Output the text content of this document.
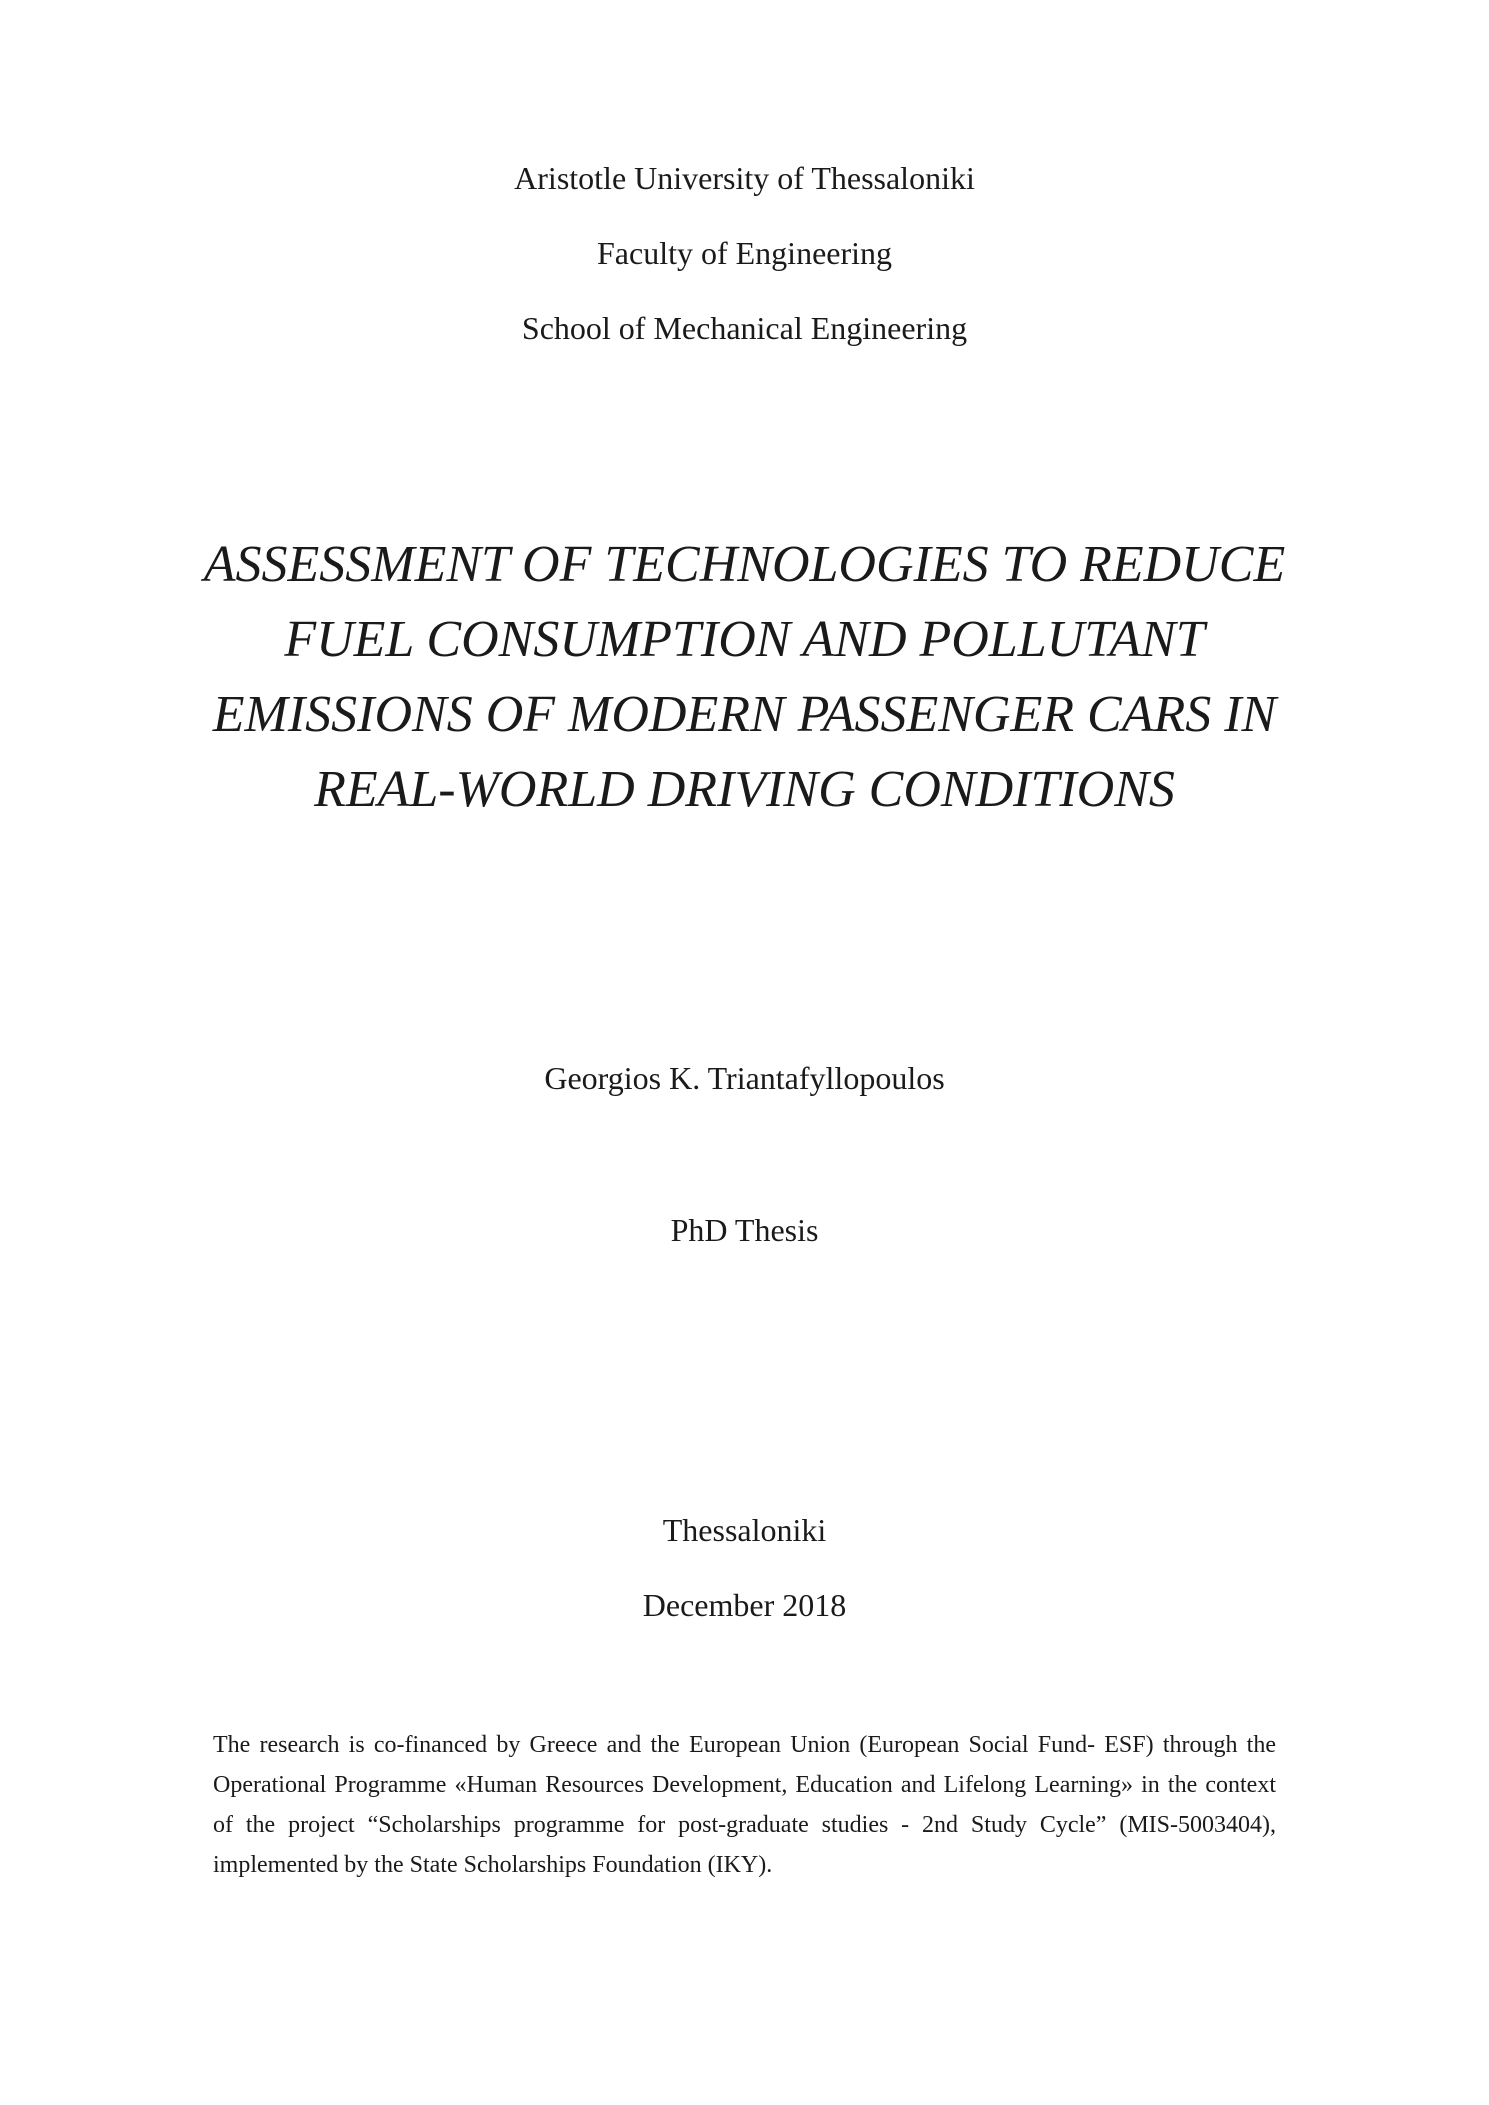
Aristotle University of Thessaloniki
Faculty of Engineering
School of Mechanical Engineering
ASSESSMENT OF TECHNOLOGIES TO REDUCE
FUEL CONSUMPTION AND POLLUTANT
EMISSIONS OF MODERN PASSENGER CARS IN
REAL-WORLD DRIVING CONDITIONS
Georgios K. Triantafyllopoulos
PhD Thesis
Thessaloniki
December 2018
The research is co-financed by Greece and the European Union (European Social Fund- ESF) through the Operational Programme «Human Resources Development, Education and Lifelong Learning» in the context of the project “Scholarships programme for post-graduate studies - 2nd Study Cycle” (MIS-5003404), implemented by the State Scholarships Foundation (IKY).
